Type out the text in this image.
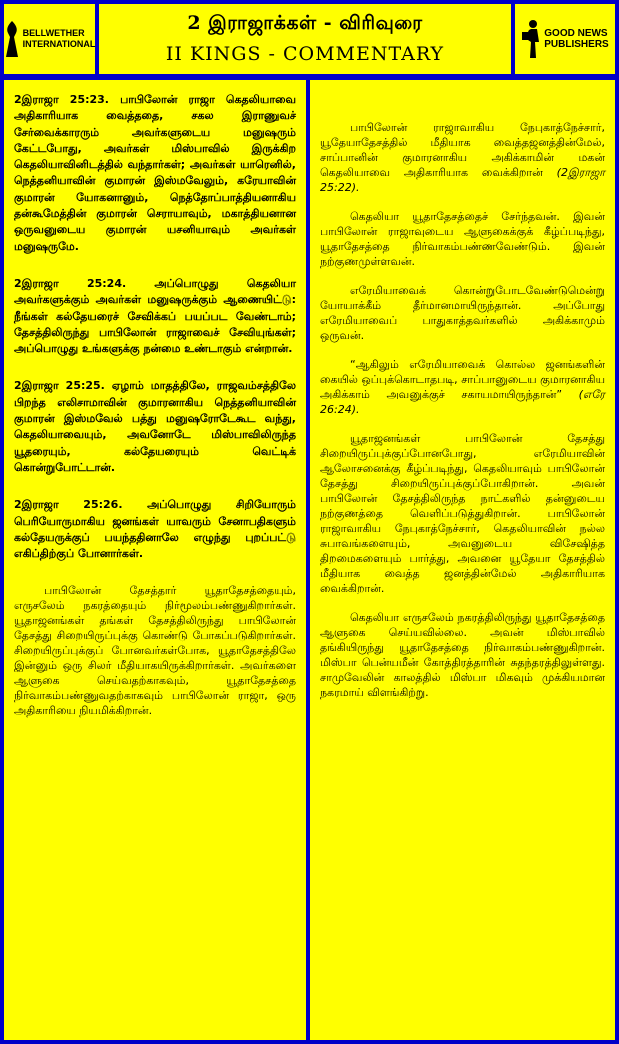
BELLWETHER
INTERNATIONAL
2 இராஜாக்கள் - விரிவுரை
II KINGS - COMMENTARY
GOOD NEWS
PUBLISHERS

2இராஜா 25:23. பாபிலோன் ராஜா கெதலியாவை அதிகாரியாக வைத்ததை, சகல இராணுவச் சேர்வைக்காரரும் அவர்களுடைய மனுஷரும் கேட்டபோது, அவர்கள் மிஸ்பாவில் இருக்கிற கெதலியாவினிடத்தில் வந்தார்கள்; அவர்கள் யாரெனில், நெத்தனியாவின் குமாரன் இஸ்மவேலும், கரேயாவின் குமாரன் யோகனானும், நெத்தோப்பாத்தியனாகிய தன்கூமேத்தின் குமாரன் செராயாவும், மகாத்தியனான ஒருவனுடைய குமாரன் யசனியாவும் அவர்கள் மனுஷருமே.

2இராஜா 25:24. அப்பொழுது கெதலியா அவர்களுக்கும் அவர்கள் மனுஷருக்கும் ஆணையிட்டு: நீங்கள் கல்தேயரைச் சேவிக்கப் பயப்பட வேண்டாம்; தேசத்திலிருந்து பாபிலோன் ராஜாவைச் சேவியுங்கள்; அப்பொழுது உங்களுக்கு நன்மை உண்டாகும் என்றான்.

2இராஜா 25:25. ஏழாம் மாதத்திலே, ராஜவம்சத்திலே பிறந்த எலிசாமாவின் குமாரனாகிய நெத்தனியாவின் குமாரன் இஸ்மவேல் பத்து மனுஷரோடேகூட வந்து, கெதலியாவையும், அவனோடே மிஸ்பாவிலிருந்த யூதரையும், கல்தேயரையும் வெட்டிக் கொன்றுபோட்டான்.

2இராஜா 25:26. அப்பொழுது சிறியோரும் பெரியோருமாகிய ஜனங்கள் யாவரும் சேனாபதிகளும் கல்தேயருக்குப் பயந்ததினாலே எழுந்து புறப்பட்டு எகிப்திற்குப் போனார்கள்.

பாபிலோன் தேசத்தார் யூதாதேசத்தையும், எருசலேம் நகரத்தையும் நிர்மூலம்பண்ணுகிறார்கள். யூதாஜனங்கள் தங்கள் தேசத்திலிருந்து பாபிலோன் தேசத்து சிறையிருப்புக்கு கொண்டு போகப்படுகிறார்கள். சிறையிருப்புக்குப் போனவர்கள்போக, யூதாதேசத்திலே இன்னும் ஒரு சிலர் மீதியாகயிருக்கிறார்கள். அவர்களை ஆளுகை செய்வதற்காகவும், யூதாதேசத்தை நிர்வாகம்பண்ணுவதற்காகவும் பாபிலோன் ராஜா, ஒரு அதிகாரியை நியமிக்கிறான்.

பாபிலோன் ராஜாவாகிய நேபுகாத்நேச்சார், யூதேயாதேசத்தில் மீதியாக வைத்தஜனத்தின்மேல், சாப்பானின் குமாரனாகிய அகிக்காமின் மகன் கெதலியாவை அதிகாரியாக வைக்கிறான் (2இராஜா 25:22).

கெதலியா யூதாதேசத்தைச் சேர்ந்தவன். இவன் பாபிலோன் ராஜாவுடைய ஆளுகைக்குக் கீழ்ப்படிந்து, யூதாதேசத்தை நிர்வாகம்பண்ணவேண்டும். இவன் நற்குணமுள்ளவன்.

எரேமியாவைக் கொன்றுபோடவேண்டுமென்று யோயாக்கீம் தீர்மானமாயிருந்தான். அப்போது எரேமியாவைப் பாதுகாத்தவர்களில் அகிக்காமும் ஒருவன்.

“ஆகிலும் எரேமியாவைக் கொல்ல ஜனங்களின் கையில் ஒப்புக்கொடாதபடி, சாப்பானுடைய குமாரனாகிய அகிக்காம் அவனுக்குச் சகாயமாயிருந்தான்” (எரே 26:24).

யூதாஜனங்கள் பாபிலோன் தேசத்து சிறையிருப்புக்குப்போனபோது, எரேமியாவின் ஆலோசனைக்கு கீழ்ப்படிந்து, கெதலியாவும் பாபிலோன் தேசத்து சிறையிருப்புக்குப்போகிறான். அவன் பாபிலோன் தேசத்திலிருந்த நாட்களில் தன்னுடைய நற்குணத்தை வெளிப்படுத்துகிறான். பாபிலோன் ராஜாவாகிய நேபுகாத்நேச்சார், கெதலியாவின் நல்ல சுபாவங்களையும், அவனுடைய விசேஷித்த திறமைகளையும் பார்த்து, அவனை யூதேயா தேசத்தில் மீதியாக வைத்த ஜனத்தின்மேல் அதிகாரியாக வைக்கிறான்.

கெதலியா எருசலேம் நகரத்திலிருந்து யூதாதேசத்தை ஆளுகை செய்யவில்லை. அவன் மிஸ்பாவில் தங்கியிருந்து யூதாதேசத்தை நிர்வாகம்பண்ணுகிறான். மிஸ்பா பென்யமீன் கோத்திரத்தாரின் சுதந்தரத்திலுள்ளது. சாமுவேலின் காலத்தில் மிஸ்பா மிகவும் முக்கியமான நகரமாய் விளங்கிற்று.
